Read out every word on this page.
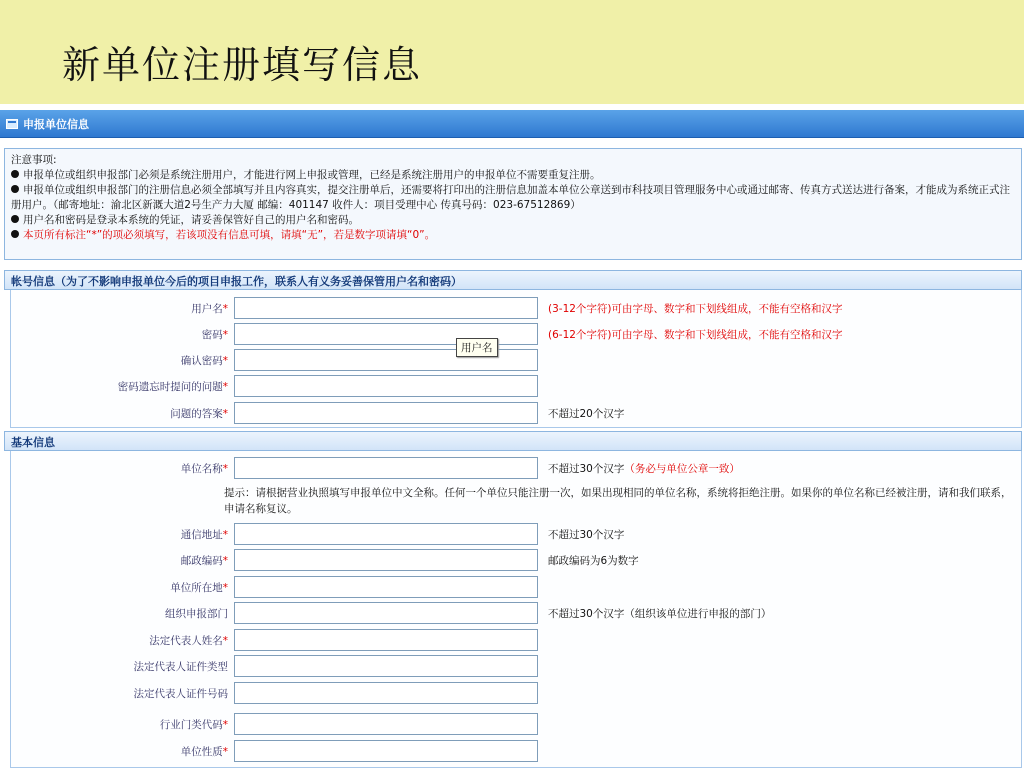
新单位注册填写信息
申报单位信息
注意事项:
申报单位或组织申报部门必须是系统注册用户，才能进行网上申报或管理，已经是系统注册用户的申报单位不需要重复注册。
申报单位或组织申报部门的注册信息必须全部填写并且内容真实，提交注册单后，还需要将打印出的注册信息加盖本单位公章送到市科技项目管理服务中心或通过邮寄、传真方式送达进行备案，才能成为系统正式注册用户。（邮寄地址：渝北区新溉大道2号生产力大厦 邮编：401147 收件人：项目受理中心 传真号码：023-67512869）
用户名和密码是登录本系统的凭证，请妥善保管好自己的用户名和密码。
本页所有标注“*”的项必须填写，若该项没有信息可填，请填“无”，若是数字项请填“0”。
帐号信息（为了不影响申报单位今后的项目申报工作，联系人有义务妥善保管用户名和密码）
用户名*	(3-12个字符)可由字母、数字和下划线组成，不能有空格和汉字
密码*	(6-12个字符)可由字母、数字和下划线组成，不能有空格和汉字
确认密码*
密码遗忘时提问的问题*
问题的答案*	不超过20个汉字
基本信息
单位名称*	不超过30个汉字（务必与单位公章一致）
提示：请根据营业执照填写申报单位中文全称。任何一个单位只能注册一次，如果出现相同的单位名称，系统将拒绝注册。如果你的单位名称已经被注册，请和我们联系，申请名称复议。
通信地址*	不超过30个汉字
邮政编码*	邮政编码为6为数字
单位所在地*
组织申报部门	不超过30个汉字（组织该单位进行申报的部门）
法定代表人姓名*
法定代表人证件类型
法定代表人证件号码
行业门类代码*
单位性质*
用户名
